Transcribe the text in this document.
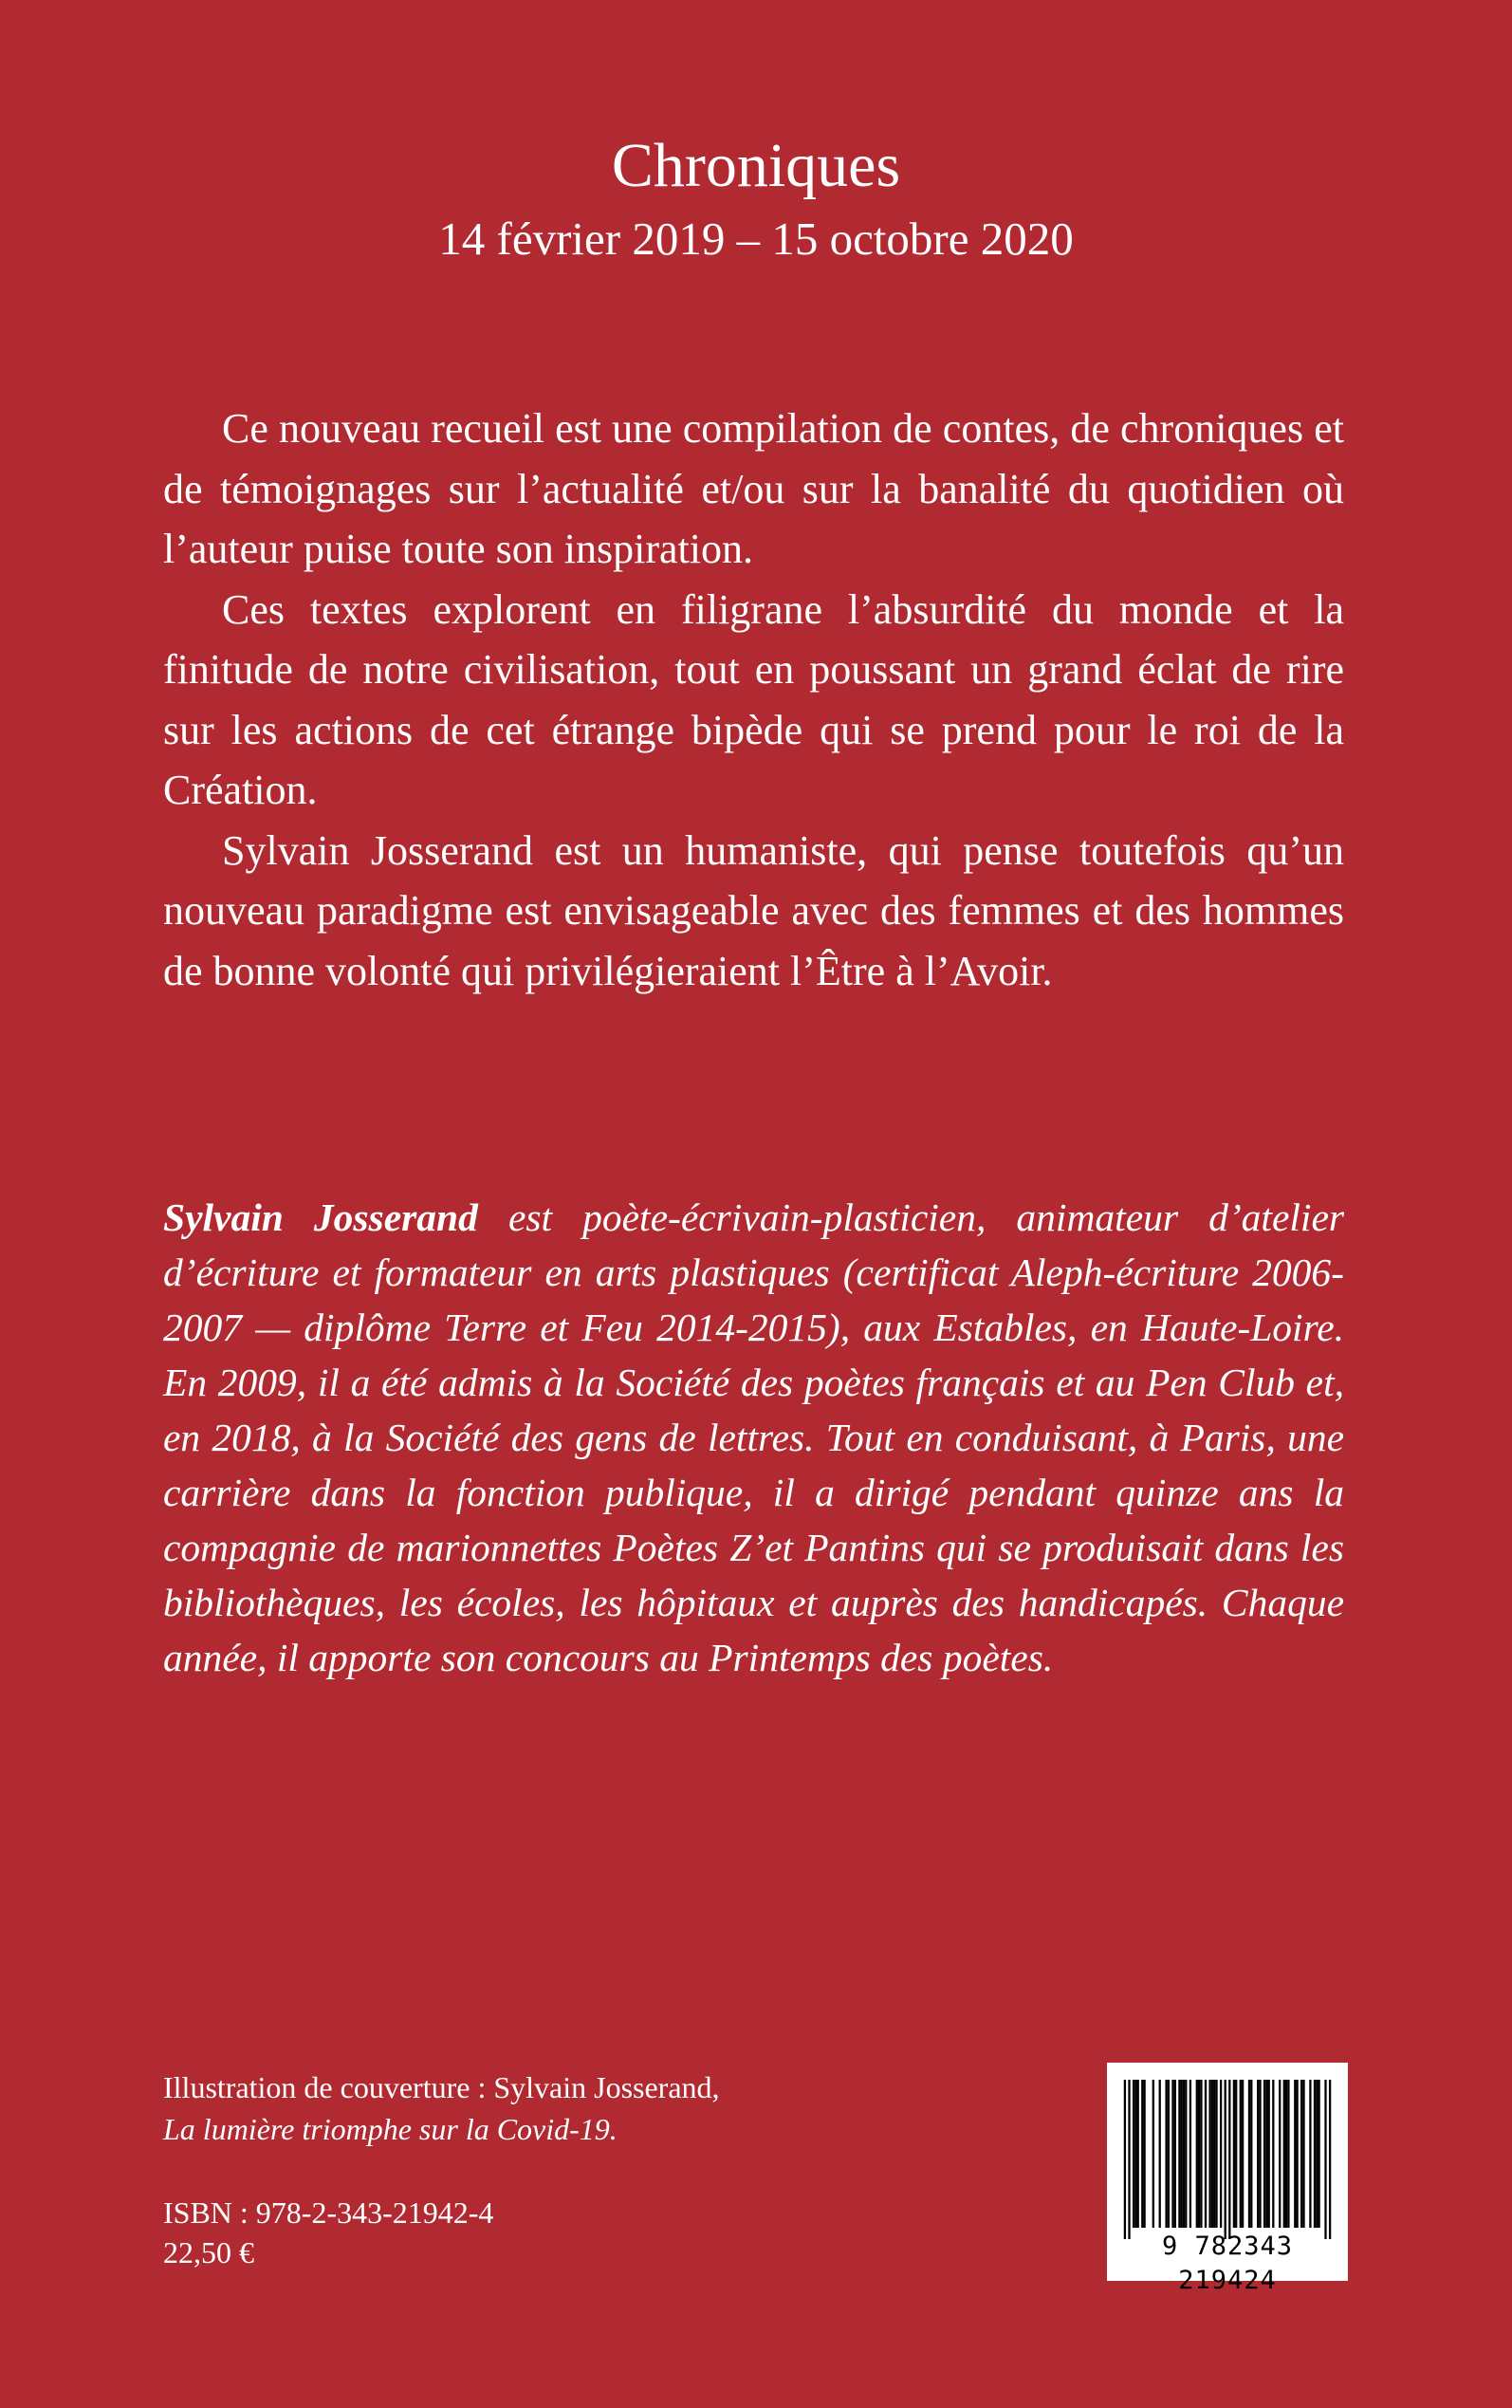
Chroniques
14 février 2019 – 15 octobre 2020

Ce nouveau recueil est une compilation de contes, de chroniques et de témoignages sur l’actualité et/ou sur la banalité du quotidien où l’auteur puise toute son inspiration.

Ces textes explorent en filigrane l’absurdité du monde et la finitude de notre civilisation, tout en poussant un grand éclat de rire sur les actions de cet étrange bipède qui se prend pour le roi de la Création.

Sylvain Josserand est un humaniste, qui pense toutefois qu’un nouveau paradigme est envisageable avec des femmes et des hommes de bonne volonté qui privilégieraient l’Être à l’Avoir.

Sylvain Josserand est poète-écrivain-plasticien, animateur d’atelier d’écriture et formateur en arts plastiques (certificat Aleph-écriture 2006-2007 — diplôme Terre et Feu 2014-2015), aux Estables, en Haute-Loire. En 2009, il a été admis à la Société des poètes français et au Pen Club et, en 2018, à la Société des gens de lettres. Tout en conduisant, à Paris, une carrière dans la fonction publique, il a dirigé pendant quinze ans la compagnie de marionnettes Poètes Z’et Pantins qui se produisait dans les bibliothèques, les écoles, les hôpitaux et auprès des handicapés. Chaque année, il apporte son concours au Printemps des poètes.

Illustration de couverture : Sylvain Josserand,
La lumière triomphe sur la Covid-19.
ISBN : 978-2-343-21942-4
22,50 €	9 782343 219424
